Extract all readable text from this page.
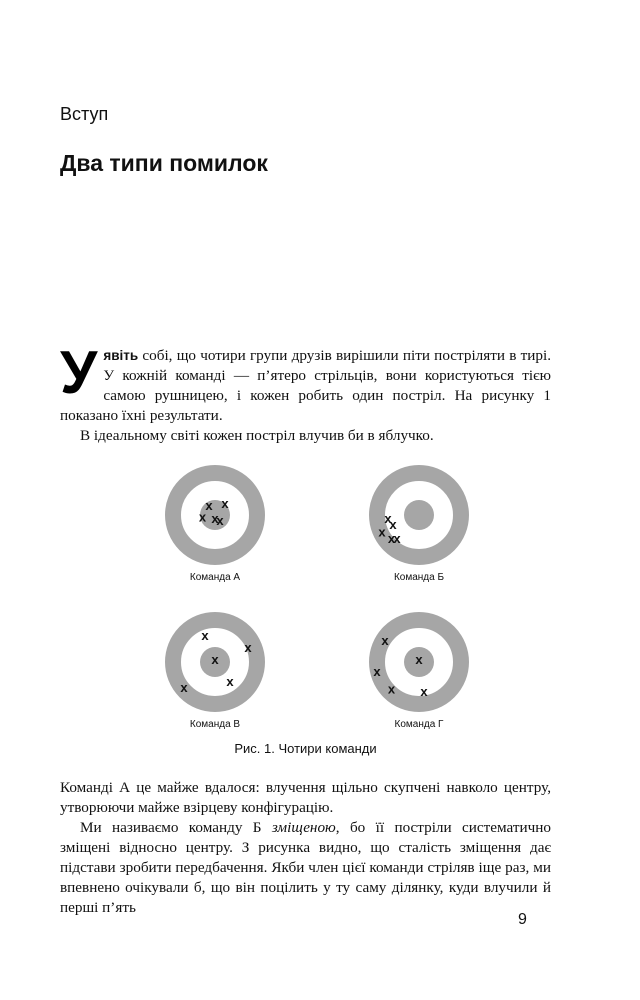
Вступ
Два типи помилок

Уявіть собі, що чотири групи друзів вирішили піти постріляти в тирі. У кожній команді — п’ятеро стрільців, вони користуються тією самою рушницею, і кожен робить один постріл. На рисунку 1 показано їхні результати.

В ідеальному світі кожен постріл влучив би в яблучко.

x x
x x
x
Команда А
x
x
x x
x
Команда Б
x
x
x
x	x
Команда В
x
x
x
x x
Команда Г
Рис. 1. Чотири команди

Команді А це майже вдалося: влучення щільно скупчені навколо центру, утворюючи майже взірцеву конфігурацію.

Ми називаємо команду Б зміщеною, бо її постріли систематично зміщені відносно центру. З рисунка видно, що сталість зміщення дає підстави зробити передбачення. Якби член цієї команди стріляв іще раз, ми впевнено очікували б, що він поцілить у ту саму ділянку, куди влучили й перші п’ять

9
